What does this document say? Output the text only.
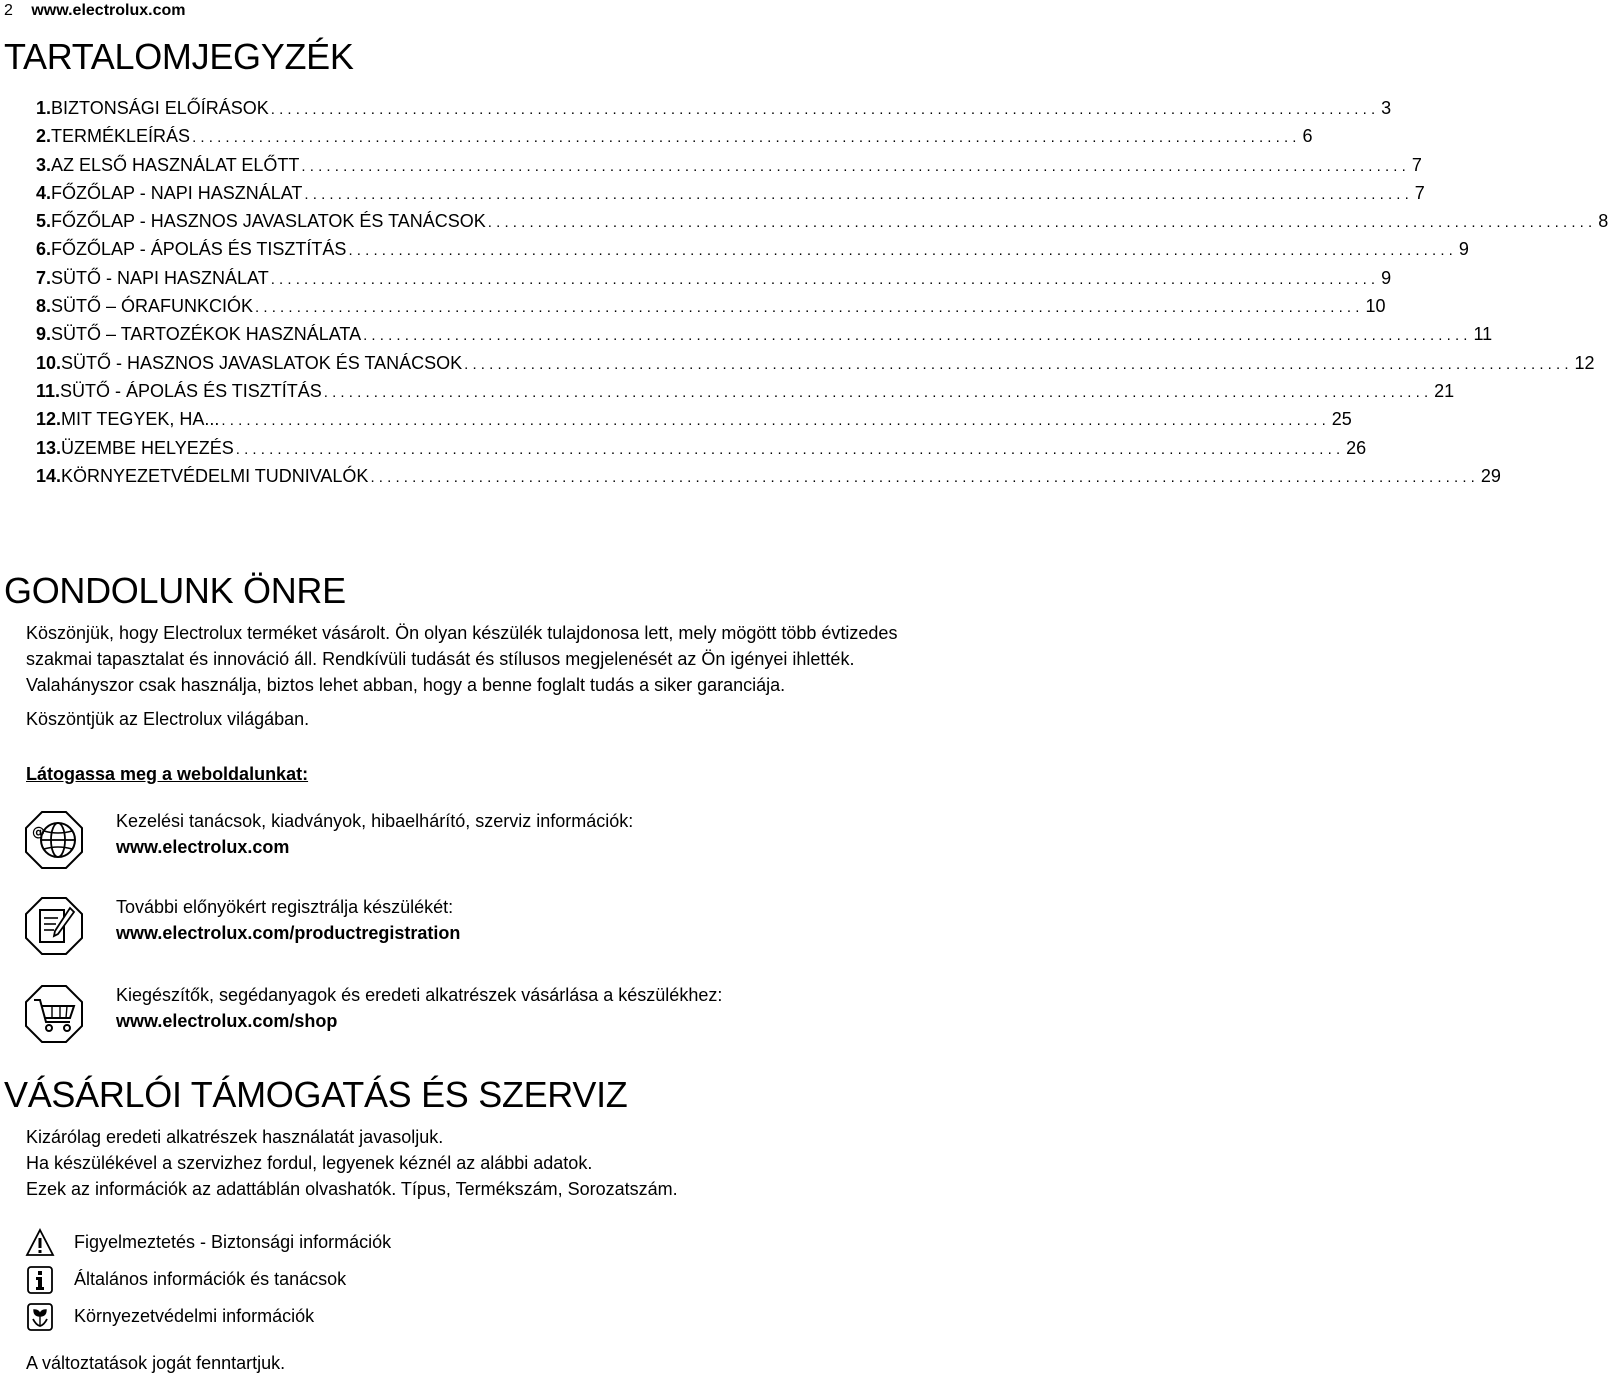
2 www.electrolux.com
TARTALOMJEGYZÉK
1. BIZTONSÁGI ELŐÍRÁSOK . . .	3
2. TERMÉKLEÍRÁS . . .	6
3. AZ ELSŐ HASZNÁLAT ELŐTT . . .	7
4. FŐZŐLAP - NAPI HASZNÁLAT . . .	7
5. FŐZŐLAP - HASZNOS JAVASLATOK ÉS TANÁCSOK . . .	8
6. FŐZŐLAP - ÁPOLÁS ÉS TISZTÍTÁS . . .	9
7. SÜTŐ - NAPI HASZNÁLAT . . .	9
8. SÜTŐ – ÓRAFUNKCIÓK . . .	10
9. SÜTŐ – TARTOZÉKOK HASZNÁLATA . . .	11
10. SÜTŐ - HASZNOS JAVASLATOK ÉS TANÁCSOK . . .	12
11. SÜTŐ - ÁPOLÁS ÉS TISZTÍTÁS . . .	21
12. MIT TEGYEK, HA... . . .	25
13. ÜZEMBE HELYEZÉS . . .	26
14. KÖRNYEZETVÉDELMI TUDNIVALÓK . . .	29
GONDOLUNK ÖNRE

Köszönjük, hogy Electrolux terméket vásárolt. Ön olyan készülék tulajdonosa lett, mely mögött több évtizedes szakmai tapasztalat és innováció áll. Rendkívüli tudását és stílusos megjelenését az Ön igényei ihlették. Valahányszor csak használja, biztos lehet abban, hogy a benne foglalt tudás a siker garanciája.

Köszöntjük az Electrolux világában.

Látogassa meg a weboldalunkat:

@
Kezelési tanácsok, kiadványok, hibaelhárító, szerviz információk:
www.electrolux.com
További előnyökért regisztrálja készülékét:
www.electrolux.com/productregistration
Kiegészítők, segédanyagok és eredeti alkatrészek vásárlása a készülékhez:
www.electrolux.com/shop
VÁSÁRLÓI TÁMOGATÁS ÉS SZERVIZ
Kizárólag eredeti alkatrészek használatát javasoljuk.
Ha készülékével a szervizhez fordul, legyenek kéznél az alábbi adatok.
Ezek az információk az adattáblán olvashatók. Típus, Termékszám, Sorozatszám.
Figyelmeztetés - Biztonsági információk
Általános információk és tanácsok
Környezetvédelmi információk
A változtatások jogát fenntartjuk.
